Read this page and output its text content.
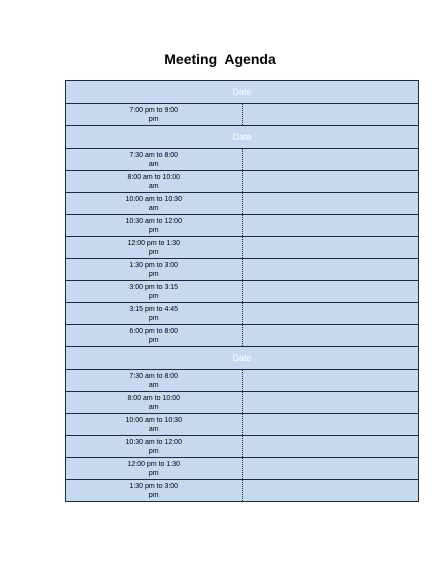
Meeting  Agenda
Date	
7:00 pm to 9:00 pm	
Date	
7:30 am to 8:00 am	
8:00 am to 10:00 am	
10:00 am to 10:30 am	
10:30 am to 12:00 pm	
12:00 pm to 1:30 pm	
1:30 pm to 3:00 pm	
3:00 pm to 3:15 pm	
3:15 pm to 4:45 pm	
6:00 pm to 8:00 pm	
Date	
7:30 am to 8:00 am	
8:00 am to 10:00 am	
10:00 am to 10:30 am	
10:30 am to 12:00 pm	
12:00 pm to 1:30 pm	
1:30 pm to 3:00 pm	
